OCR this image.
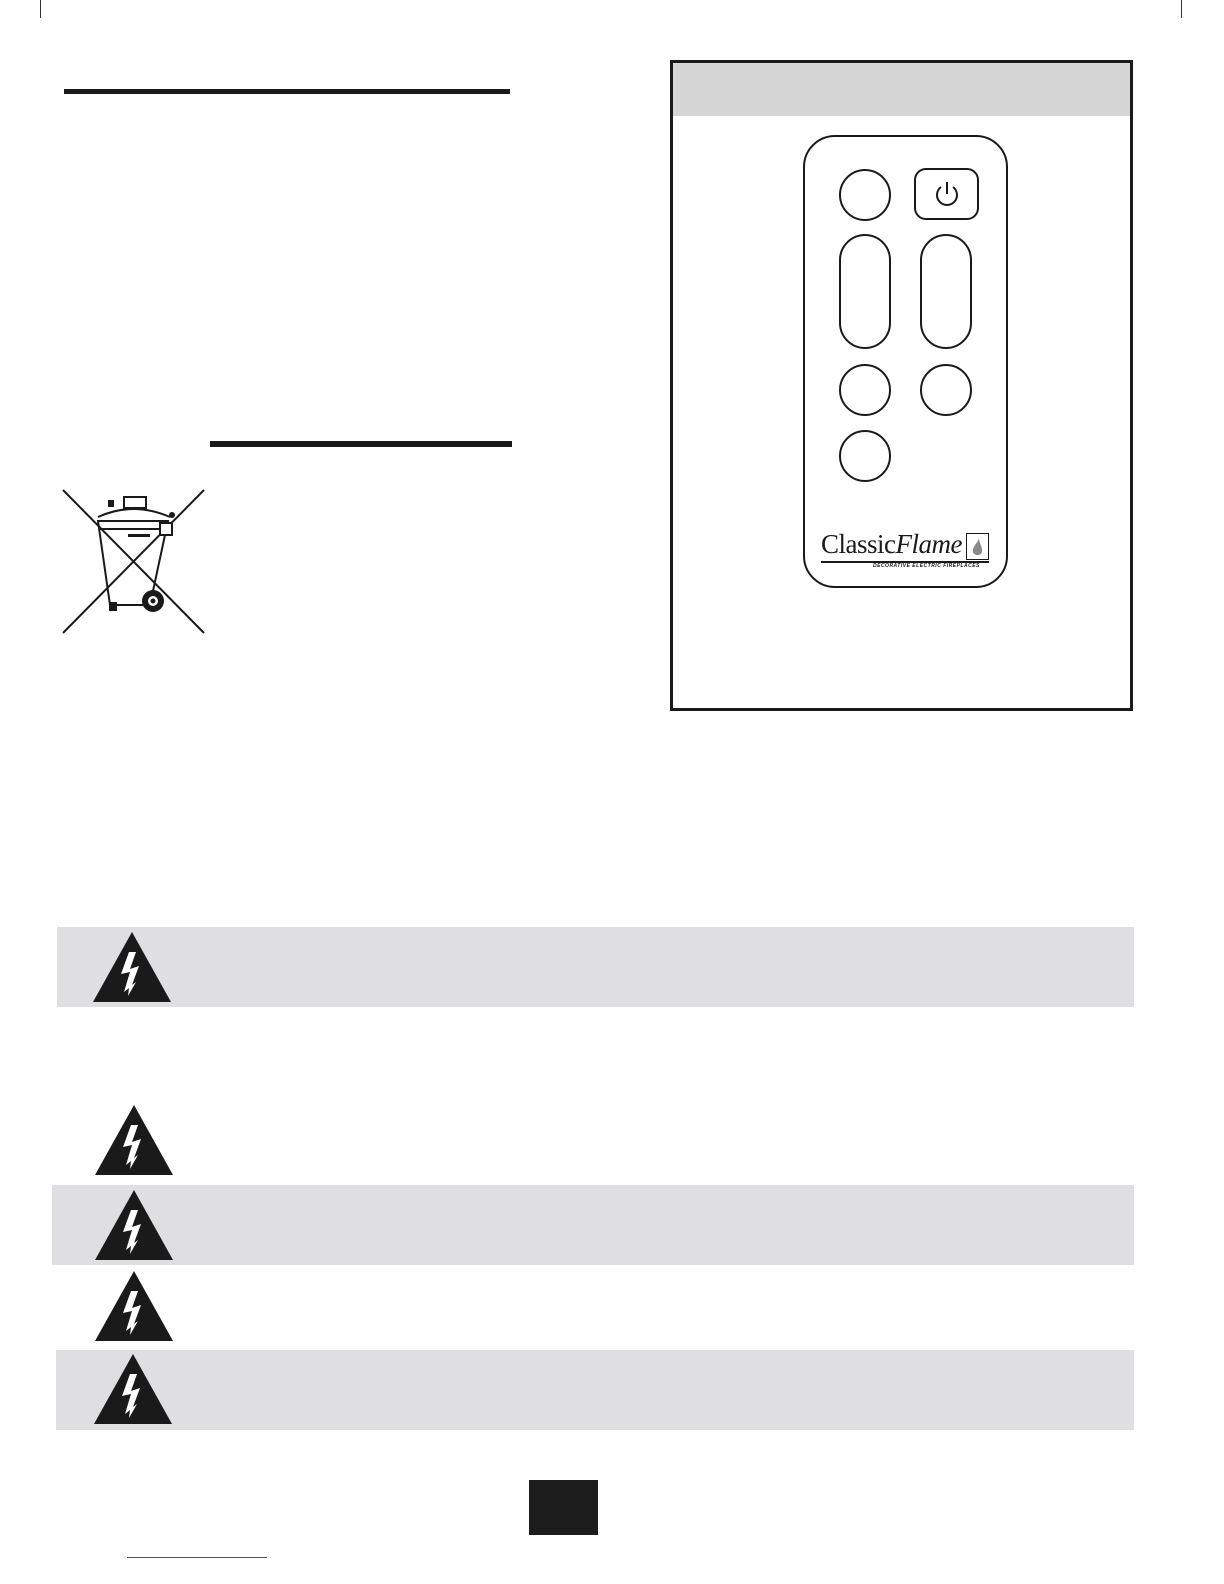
ClassicFlame
DECORATIVE ELECTRIC FIREPLACES
